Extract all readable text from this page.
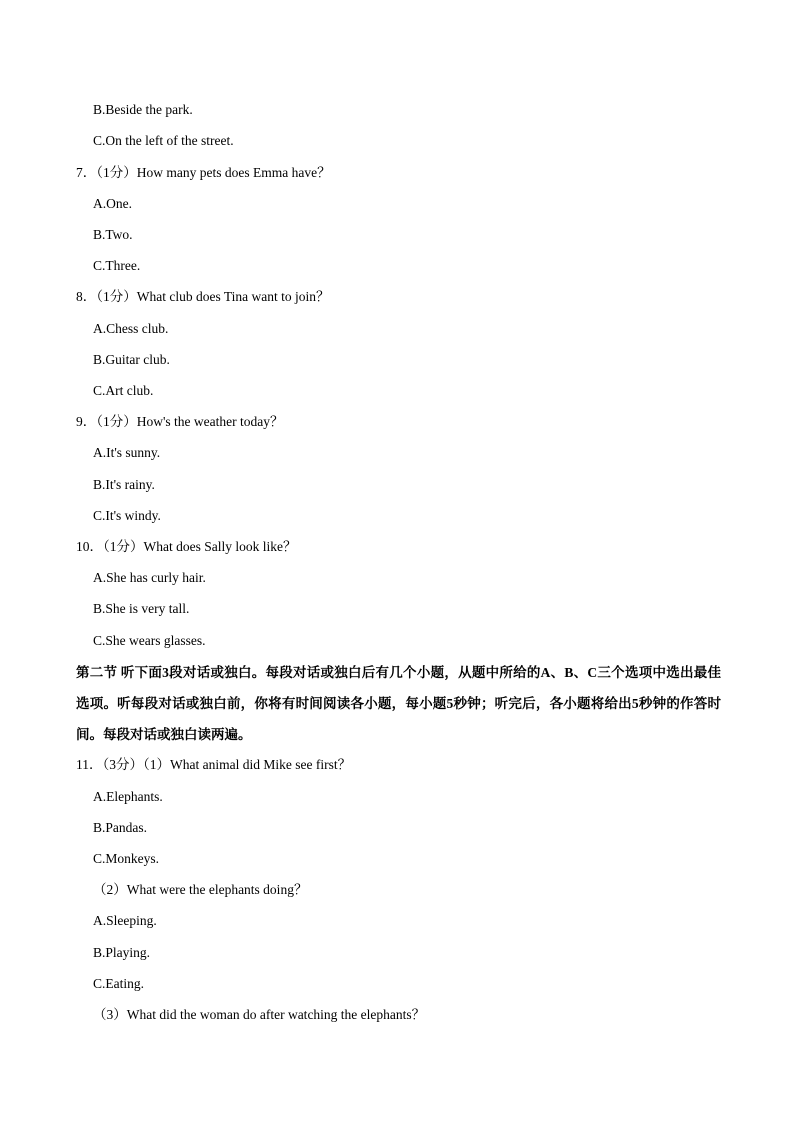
B.Beside the park.
C.On the left of the street.
7．（1分）How many pets does Emma have？
A.One.
B.Two.
C.Three.
8．（1分）What club does Tina want to join？
A.Chess club.
B.Guitar club.
C.Art club.
9．（1分）How's the weather today？
A.It's sunny.
B.It's rainy.
C.It's windy.
10．（1分）What does Sally look like？
A.She has curly hair.
B.She is very tall.
C.She wears glasses.
第二节 听下面3段对话或独白。每段对话或独白后有几个小题，从题中所给的A、B、C三个选项中选出最佳选项。听每段对话或独白前，你将有时间阅读各小题，每小题5秒钟；听完后，各小题将给出5秒钟的作答时间。每段对话或独白读两遍。
11．（3分）（1）What animal did Mike see first？
A.Elephants.
B.Pandas.
C.Monkeys.
（2）What were the elephants doing？
A.Sleeping.
B.Playing.
C.Eating.
（3）What did the woman do after watching the elephants？
